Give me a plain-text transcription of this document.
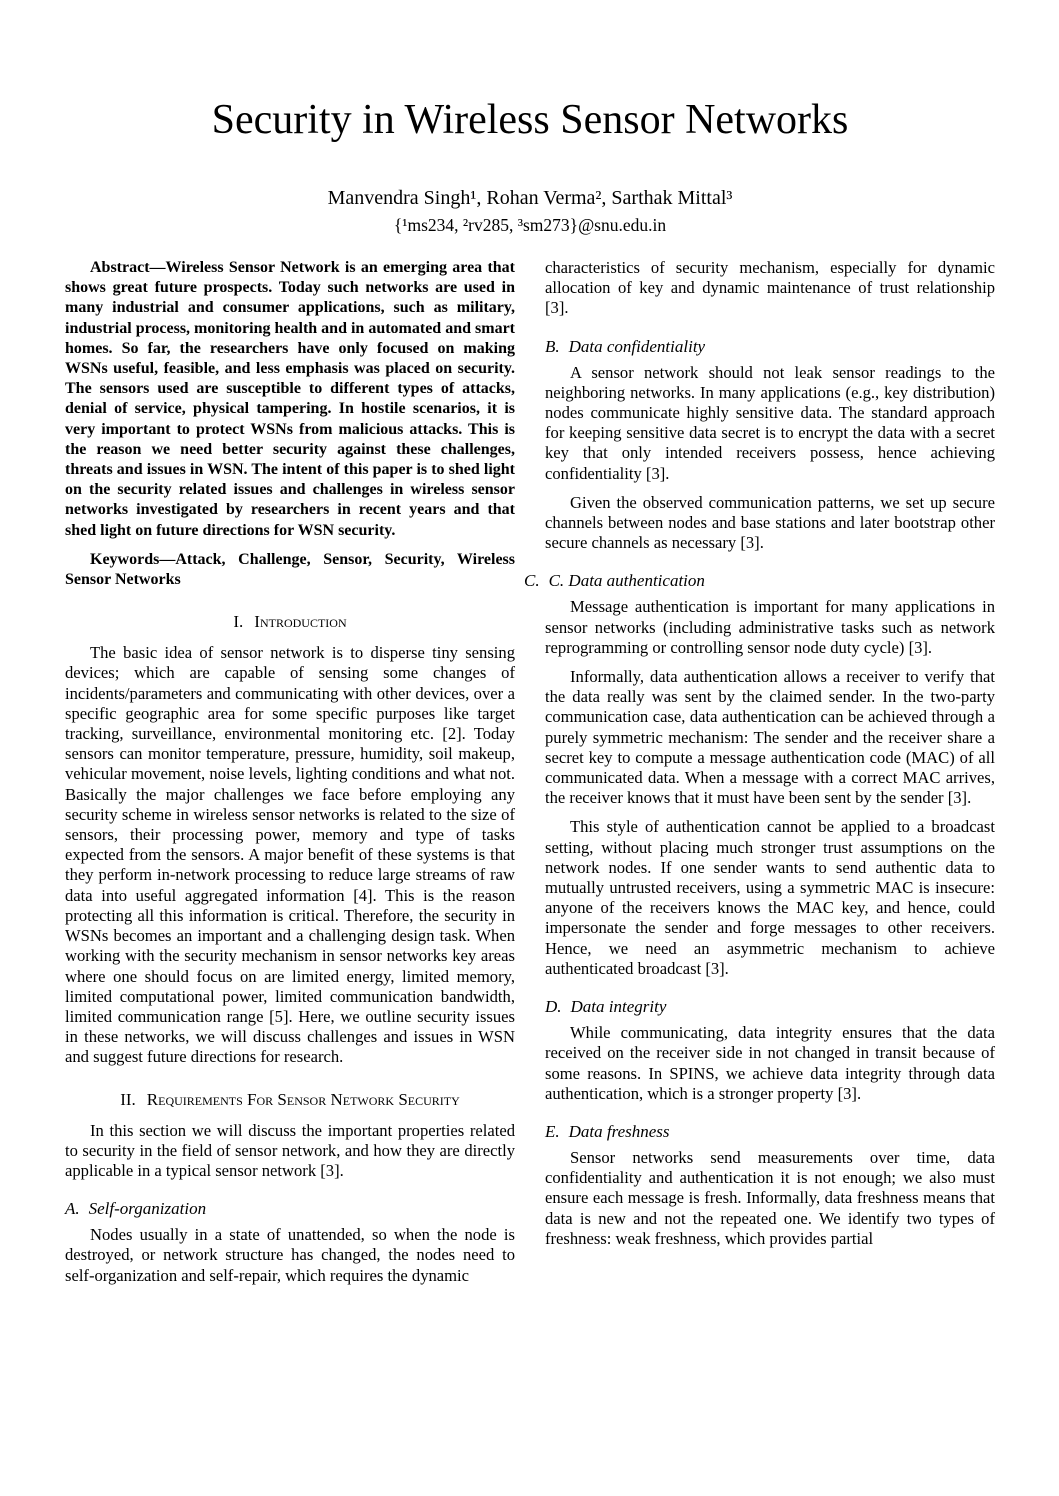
Security in Wireless Sensor Networks
Manvendra Singh¹, Rohan Verma², Sarthak Mittal³
{¹ms234, ²rv285, ³sm273}@snu.edu.in

Abstract—Wireless Sensor Network is an emerging area that shows great future prospects. Today such networks are used in many industrial and consumer applications, such as military, industrial process, monitoring health and in automated and smart homes. So far, the researchers have only focused on making WSNs useful, feasible, and less emphasis was placed on security. The sensors used are susceptible to different types of attacks, denial of service, physical tampering. In hostile scenarios, it is very important to protect WSNs from malicious attacks. This is the reason we need better security against these challenges, threats and issues in WSN. The intent of this paper is to shed light on the security related issues and challenges in wireless sensor networks investigated by researchers in recent years and that shed light on future directions for WSN security.

Keywords—Attack, Challenge, Sensor, Security, Wireless Sensor Networks

I. Introduction

The basic idea of sensor network is to disperse tiny sensing devices; which are capable of sensing some changes of incidents/parameters and communicating with other devices, over a specific geographic area for some specific purposes like target tracking, surveillance, environmental monitoring etc. [2]. Today sensors can monitor temperature, pressure, humidity, soil makeup, vehicular movement, noise levels, lighting conditions and what not. Basically the major challenges we face before employing any security scheme in wireless sensor networks is related to the size of sensors, their processing power, memory and type of tasks expected from the sensors. A major benefit of these systems is that they perform in-network processing to reduce large streams of raw data into useful aggregated information [4]. This is the reason protecting all this information is critical. Therefore, the security in WSNs becomes an important and a challenging design task. When working with the security mechanism in sensor networks key areas where one should focus on are limited energy, limited memory, limited computational power, limited communication bandwidth, limited communication range [5]. Here, we outline security issues in these networks, we will discuss challenges and issues in WSN and suggest future directions for research.

II. Requirements For Sensor Network Security

In this section we will discuss the important properties related to security in the field of sensor network, and how they are directly applicable in a typical sensor network [3].

A. Self-organization

Nodes usually in a state of unattended, so when the node is destroyed, or network structure has changed, the nodes need to self-organization and self-repair, which requires the dynamic

characteristics of security mechanism, especially for dynamic allocation of key and dynamic maintenance of trust relationship [3].

B. Data confidentiality

A sensor network should not leak sensor readings to the neighboring networks. In many applications (e.g., key distribution) nodes communicate highly sensitive data. The standard approach for keeping sensitive data secret is to encrypt the data with a secret key that only intended receivers possess, hence achieving confidentiality [3].

Given the observed communication patterns, we set up secure channels between nodes and base stations and later bootstrap other secure channels as necessary [3].

C. C. Data authentication

Message authentication is important for many applications in sensor networks (including administrative tasks such as network reprogramming or controlling sensor node duty cycle) [3].

Informally, data authentication allows a receiver to verify that the data really was sent by the claimed sender. In the two-party communication case, data authentication can be achieved through a purely symmetric mechanism: The sender and the receiver share a secret key to compute a message authentication code (MAC) of all communicated data. When a message with a correct MAC arrives, the receiver knows that it must have been sent by the sender [3].

This style of authentication cannot be applied to a broadcast setting, without placing much stronger trust assumptions on the network nodes. If one sender wants to send authentic data to mutually untrusted receivers, using a symmetric MAC is insecure: anyone of the receivers knows the MAC key, and hence, could impersonate the sender and forge messages to other receivers. Hence, we need an asymmetric mechanism to achieve authenticated broadcast [3].

D. Data integrity

While communicating, data integrity ensures that the data received on the receiver side in not changed in transit because of some reasons. In SPINS, we achieve data integrity through data authentication, which is a stronger property [3].

E. Data freshness

Sensor networks send measurements over time, data confidentiality and authentication it is not enough; we also must ensure each message is fresh. Informally, data freshness means that data is new and not the repeated one. We identify two types of freshness: weak freshness, which provides partial
